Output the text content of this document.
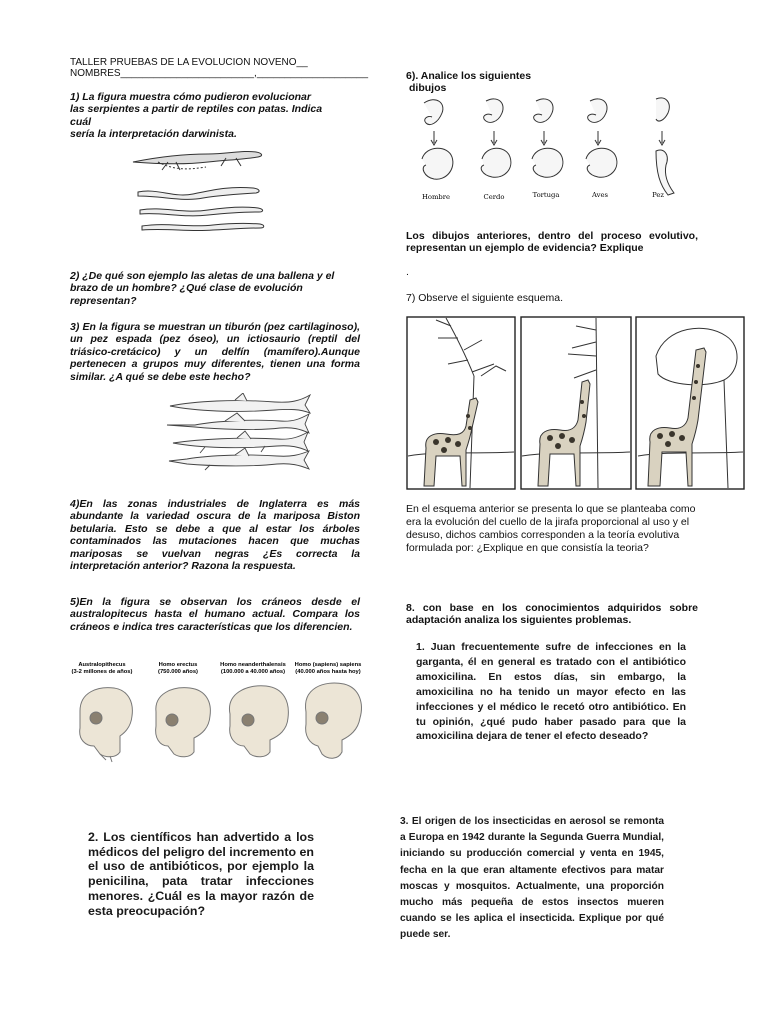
TALLER PRUEBAS DE LA EVOLUCION NOVENO__
NOMBRES________________________,____________________
1) La figura muestra cómo pudieron evolucionar
las serpientes a partir de reptiles con patas. Indica
cuál
sería la interpretación darwinista.
2) ¿De qué son ejemplo las aletas de una ballena y el
brazo de un hombre? ¿Qué clase de evolución
representan?
3) En la figura se muestran un tiburón (pez cartilaginoso), un pez espada (pez óseo), un ictiosaurio (reptil del triásico-cretácico) y un delfín (mamífero).Aunque pertenecen a grupos muy diferentes, tienen una forma similar. ¿A qué se debe este hecho?
4)En las zonas industriales de Inglaterra es más abundante la variedad oscura de la mariposa Biston betularia. Esto se debe a que al estar los árboles contaminados las mutaciones hacen que muchas mariposas se vuelvan negras ¿Es correcta la interpretación anterior? Razona la respuesta.
5)En la figura se observan los cráneos desde el australopitecus hasta el humano actual. Compara los cráneos e indica tres características que los diferencien.
Australopithecus
(3-2 millones de años)
Homo erectus
(750.000 años)
Homo neanderthalensis
(100.000 a 40.000 años)
Homo (sapiens) sapiens
(40.000 años hasta hoy)
2. Los científicos han advertido a los médicos del peligro del incremento en el uso de antibióticos, por ejemplo la penicilina, pata tratar infecciones menores. ¿Cuál es la mayor razón de esta preocupación?
6). Analice los siguientes
dibujos
Hombre	Cerdo	Tortuga	Aves	Pez
Los dibujos anteriores, dentro del proceso evolutivo, representan un ejemplo de evidencia? Explique
.
7) Observe el siguiente esquema.
En el esquema anterior se presenta lo que se planteaba como era la evolución del cuello de la jirafa proporcional al uso y el desuso, dichos cambios corresponden a la teoría evolutiva formulada por: ¿Explique en que consistía la teoria?
8. con base en los conocimientos adquiridos sobre adaptación analiza los siguientes problemas.
1. Juan frecuentemente sufre de infecciones en la garganta, él en general es tratado con el antibiótico amoxicilina. En estos días, sin embargo, la amoxicilina no ha tenido un mayor efecto en las infecciones y el médico le recetó otro antibiótico. En tu opinión, ¿qué pudo haber pasado para que la amoxicilina dejara de tener el efecto deseado?
3. El origen de los insecticidas en aerosol se remonta a Europa en 1942 durante la Segunda Guerra Mundial, iniciando su producción comercial y venta en 1945, fecha en la que eran altamente efectivos para matar moscas y mosquitos. Actualmente, una proporción mucho más pequeña de estos insectos mueren cuando se les aplica el insecticida. Explique por qué puede ser.
